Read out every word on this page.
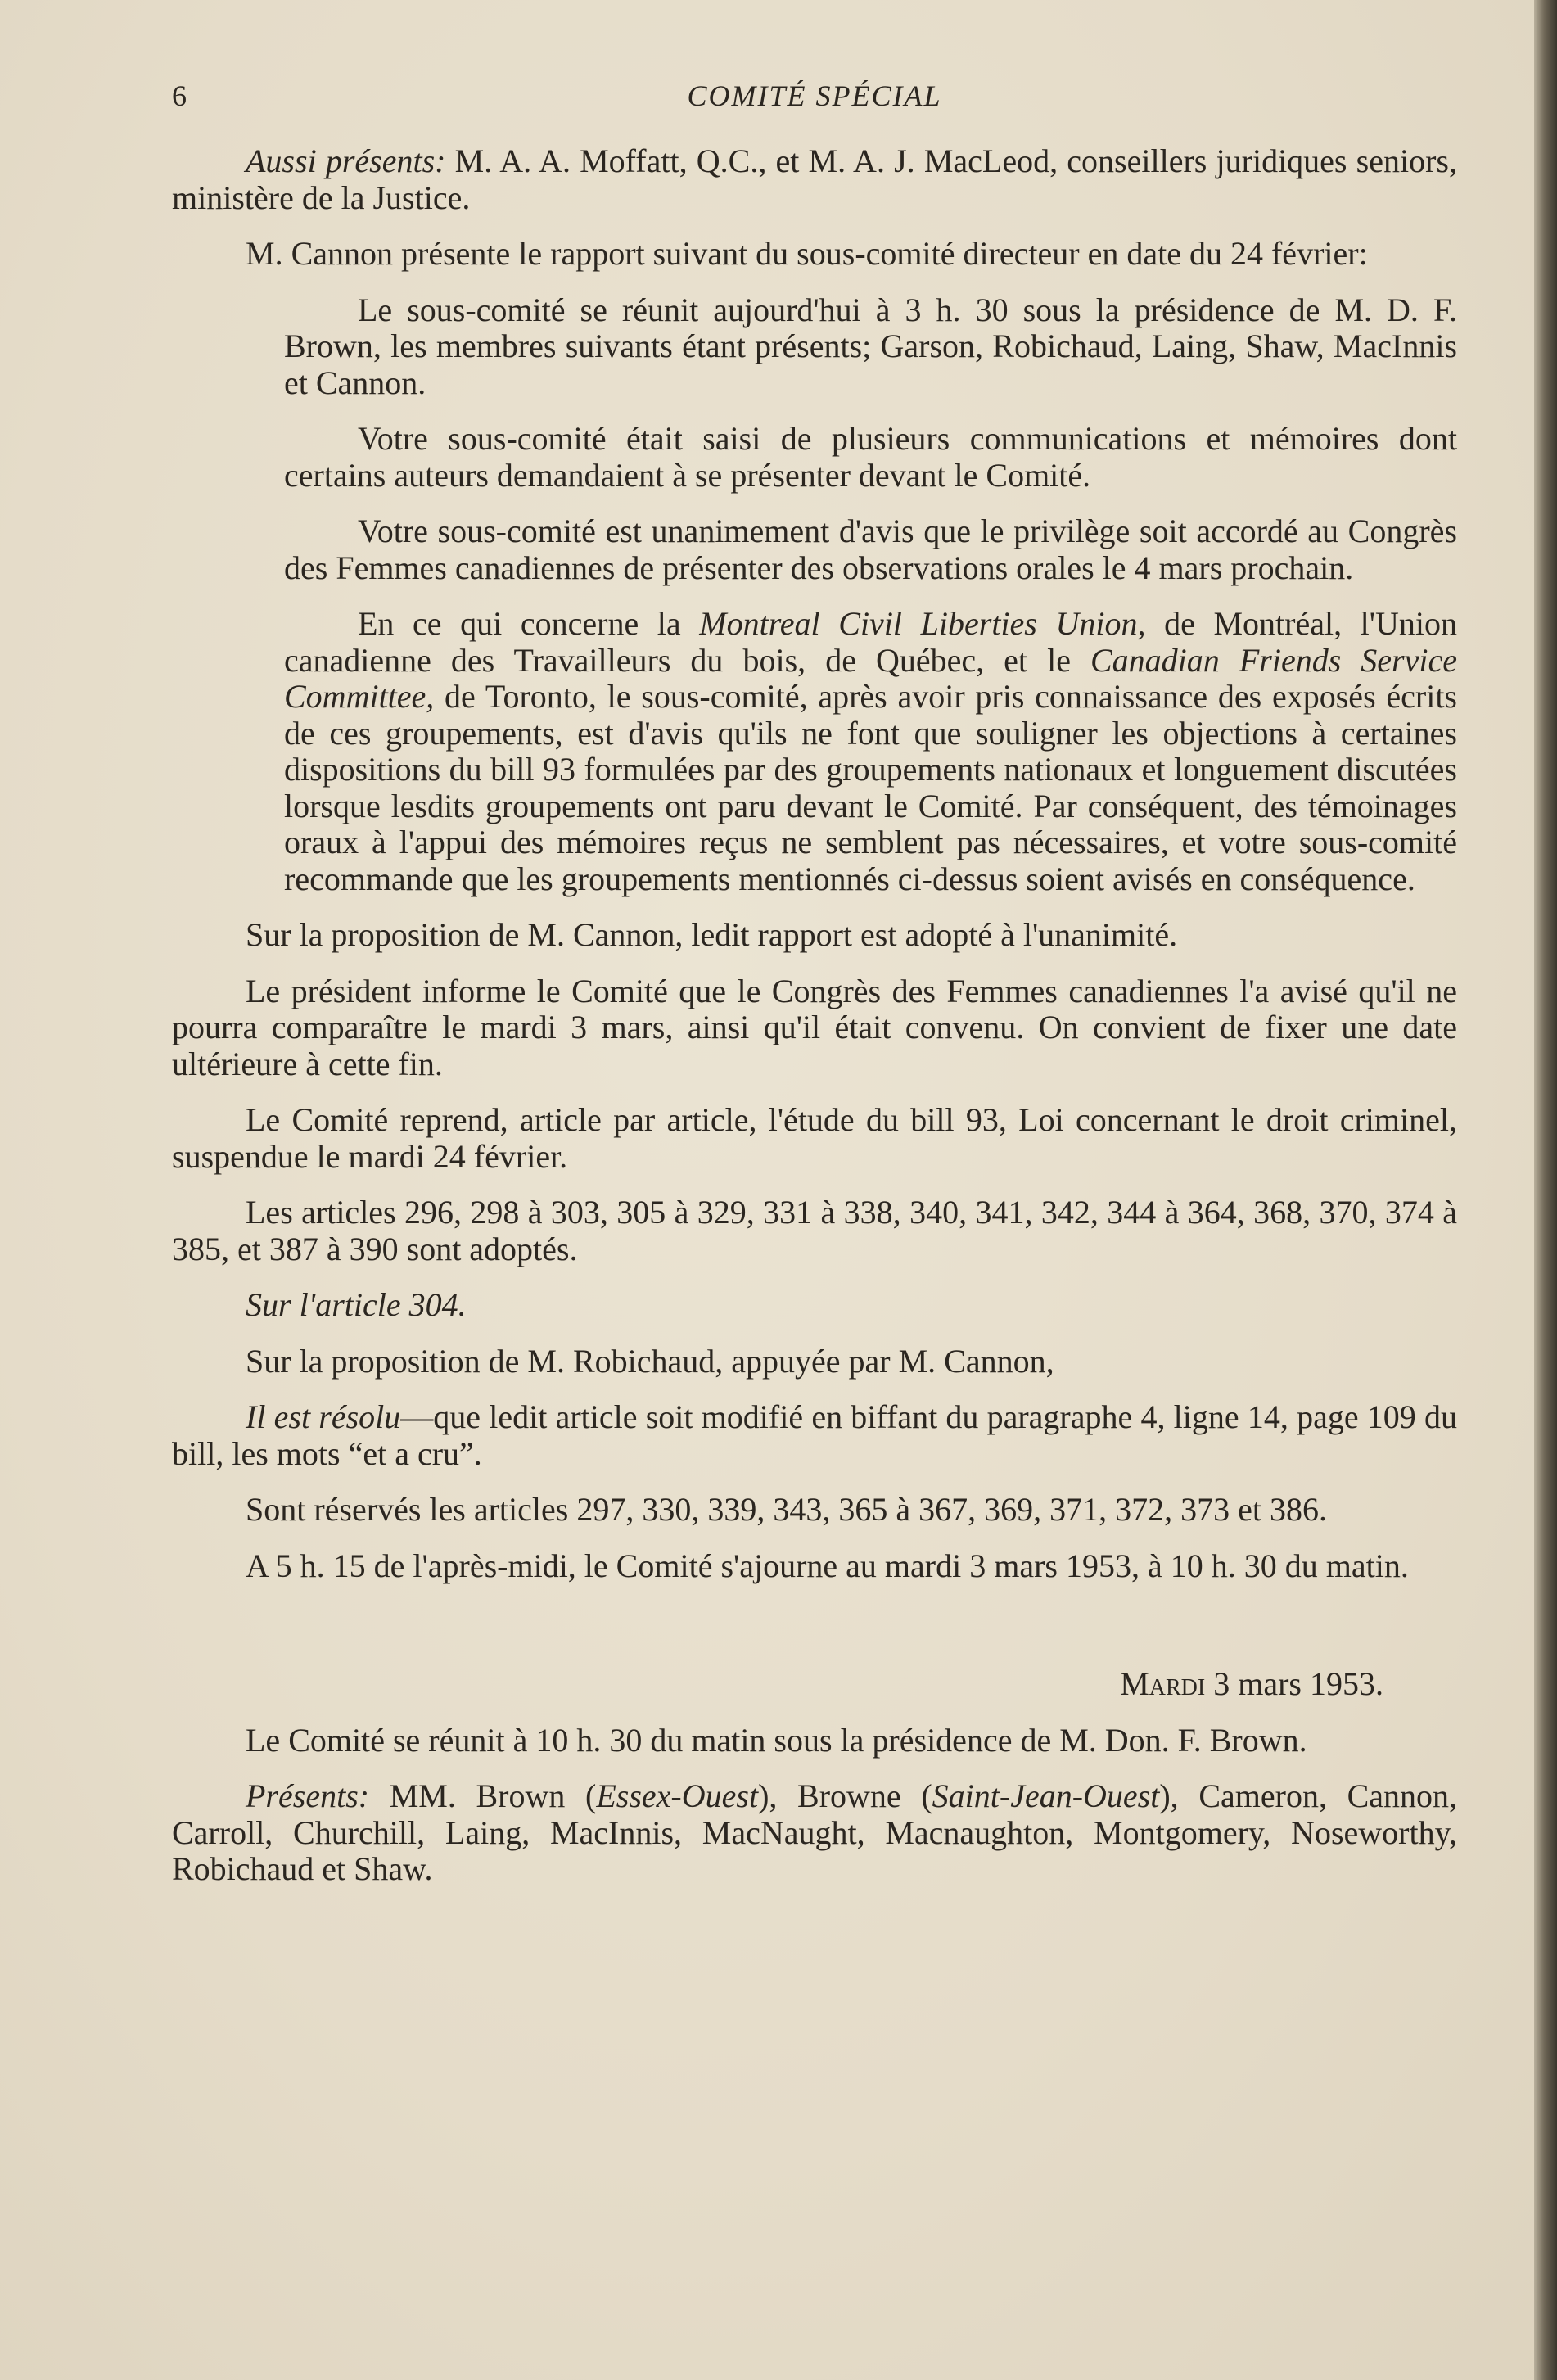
6	COMITÉ SPÉCIAL

Aussi présents: M. A. A. Moffatt, Q.C., et M. A. J. MacLeod, conseillers juridiques seniors, ministère de la Justice.

M. Cannon présente le rapport suivant du sous-comité directeur en date du 24 février:

Le sous-comité se réunit aujourd'hui à 3 h. 30 sous la présidence de M. D. F. Brown, les membres suivants étant présents; Garson, Robichaud, Laing, Shaw, MacInnis et Cannon.

Votre sous-comité était saisi de plusieurs communications et mémoires dont certains auteurs demandaient à se présenter devant le Comité.

Votre sous-comité est unanimement d'avis que le privilège soit accordé au Congrès des Femmes canadiennes de présenter des observations orales le 4 mars prochain.

En ce qui concerne la Montreal Civil Liberties Union, de Montréal, l'Union canadienne des Travailleurs du bois, de Québec, et le Canadian Friends Service Committee, de Toronto, le sous-comité, après avoir pris connaissance des exposés écrits de ces groupements, est d'avis qu'ils ne font que souligner les objections à certaines dispositions du bill 93 formulées par des groupements nationaux et longuement discutées lorsque lesdits groupements ont paru devant le Comité. Par conséquent, des témoinages oraux à l'appui des mémoires reçus ne semblent pas nécessaires, et votre sous-comité recommande que les groupements mentionnés ci-dessus soient avisés en conséquence.

Sur la proposition de M. Cannon, ledit rapport est adopté à l'unanimité.

Le président informe le Comité que le Congrès des Femmes canadiennes l'a avisé qu'il ne pourra comparaître le mardi 3 mars, ainsi qu'il était convenu. On convient de fixer une date ultérieure à cette fin.

Le Comité reprend, article par article, l'étude du bill 93, Loi concernant le droit criminel, suspendue le mardi 24 février.

Les articles 296, 298 à 303, 305 à 329, 331 à 338, 340, 341, 342, 344 à 364, 368, 370, 374 à 385, et 387 à 390 sont adoptés.

Sur l'article 304.

Sur la proposition de M. Robichaud, appuyée par M. Cannon,

Il est résolu—que ledit article soit modifié en biffant du paragraphe 4, ligne 14, page 109 du bill, les mots “et a cru”.

Sont réservés les articles 297, 330, 339, 343, 365 à 367, 369, 371, 372, 373 et 386.

A 5 h. 15 de l'après-midi, le Comité s'ajourne au mardi 3 mars 1953, à 10 h. 30 du matin.

Mardi 3 mars 1953.

Le Comité se réunit à 10 h. 30 du matin sous la présidence de M. Don. F. Brown.

Présents: MM. Brown (Essex-Ouest), Browne (Saint-Jean-Ouest), Cameron, Cannon, Carroll, Churchill, Laing, MacInnis, MacNaught, Macnaughton, Montgomery, Noseworthy, Robichaud et Shaw.
